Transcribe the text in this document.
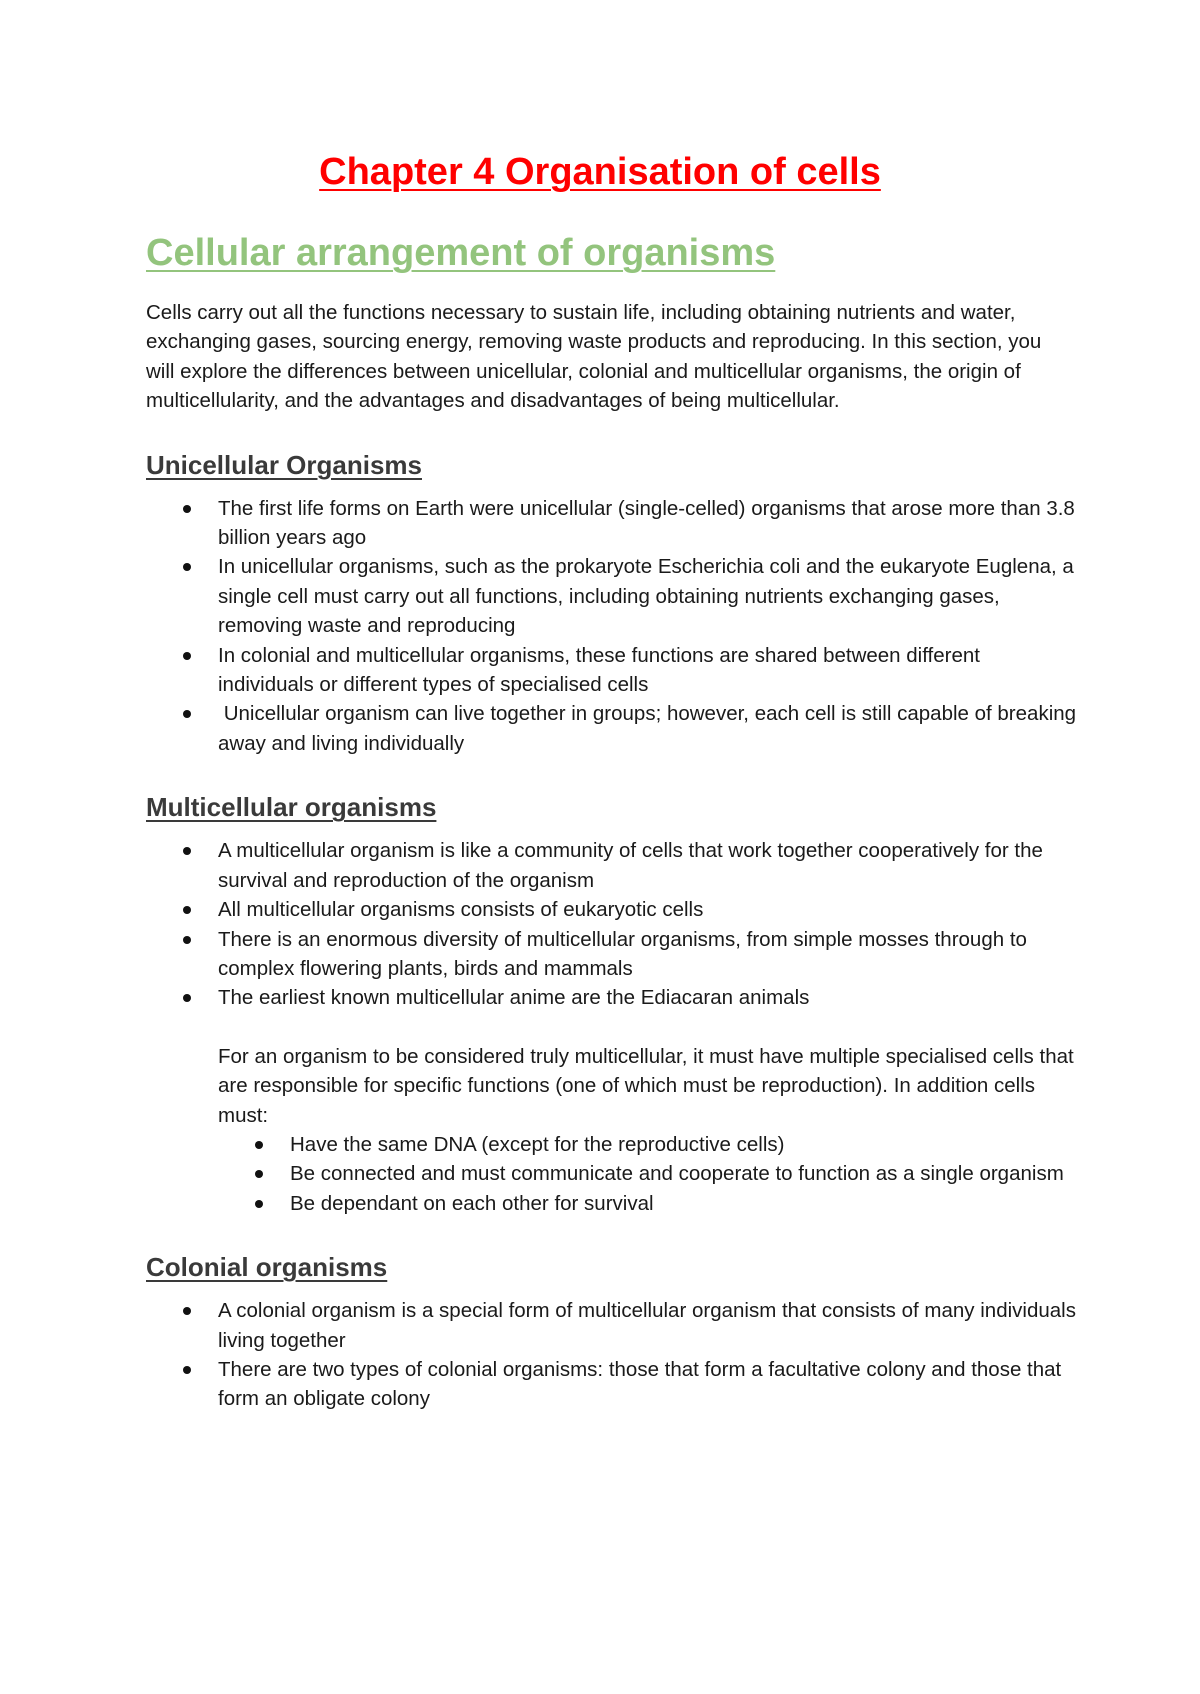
Chapter 4 Organisation of cells
Cellular arrangement of organisms

Cells carry out all the functions necessary to sustain life, including obtaining nutrients and water, exchanging gases, sourcing energy, removing waste products and reproducing. In this section, you will explore the differences between unicellular, colonial and multicellular organisms, the origin of multicellularity, and the advantages and disadvantages of being multicellular.

Unicellular Organisms
The first life forms on Earth were unicellular (single-celled) organisms that arose more than 3.8 billion years ago
In unicellular organisms, such as the prokaryote Escherichia coli and the eukaryote Euglena, a single cell must carry out all functions, including obtaining nutrients exchanging gases, removing waste and reproducing
In colonial and multicellular organisms, these functions are shared between different individuals or different types of specialised cells
Unicellular organism can live together in groups; however, each cell is still capable of breaking away and living individually
Multicellular organisms
A multicellular organism is like a community of cells that work together cooperatively for the survival and reproduction of the organism
All multicellular organisms consists of eukaryotic cells
There is an enormous diversity of multicellular organisms, from simple mosses through to complex flowering plants, birds and mammals
The earliest known multicellular anime are the Ediacaran animals

For an organism to be considered truly multicellular, it must have multiple specialised cells that are responsible for specific functions (one of which must be reproduction). In addition cells must:

Have the same DNA (except for the reproductive cells)
Be connected and must communicate and cooperate to function as a single organism
Be dependant on each other for survival
Colonial organisms
A colonial organism is a special form of multicellular organism that consists of many individuals living together
There are two types of colonial organisms: those that form a facultative colony and those that form an obligate colony
